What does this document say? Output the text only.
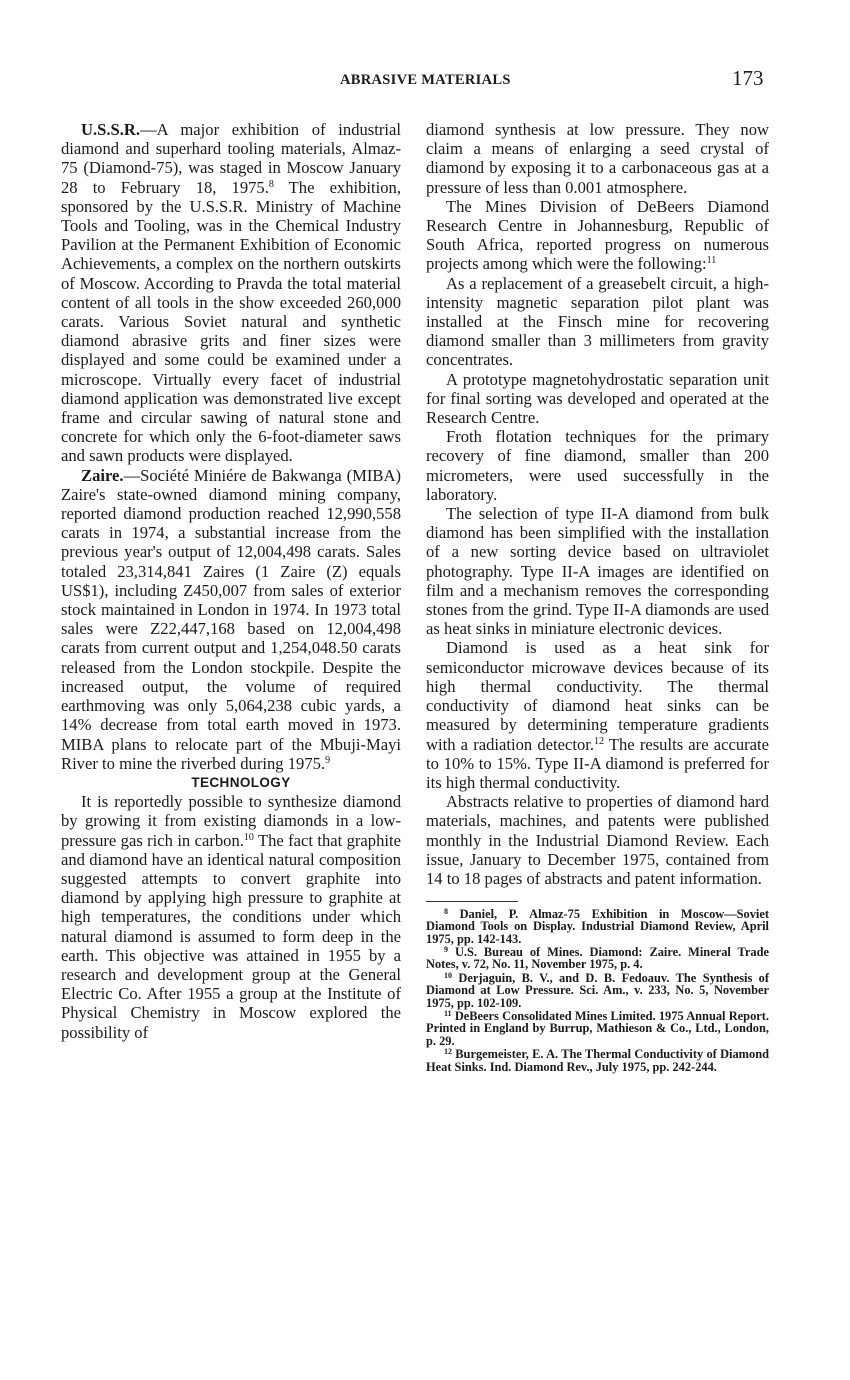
ABRASIVE MATERIALS	173

U.S.S.R.—A major exhibition of industrial diamond and superhard tooling materials, Almaz-75 (Diamond-75), was staged in Moscow January 28 to February 18, 1975.$^8$ The exhibition, sponsored by the U.S.S.R. Ministry of Machine Tools and Tooling, was in the Chemical Industry Pavilion at the Permanent Exhibition of Economic Achievements, a complex on the northern outskirts of Moscow. According to Pravda the total material content of all tools in the show exceeded 260,000 carats. Various Soviet natural and synthetic diamond abrasive grits and finer sizes were displayed and some could be examined under a microscope. Virtually every facet of industrial diamond application was demonstrated live except frame and circular sawing of natural stone and concrete for which only the 6-foot-diameter saws and sawn products were displayed.

Zaire.—Société Miniére de Bakwanga (MIBA) Zaire's state-owned diamond mining company, reported diamond production reached 12,990,558 carats in 1974, a substantial increase from the previous year's output of 12,004,498 carats. Sales totaled 23,314,841 Zaires (1 Zaire (Z) equals US$1), including Z450,007 from sales of exterior stock maintained in London in 1974. In 1973 total sales were Z22,447,168 based on 12,004,498 carats from current output and 1,254,048.50 carats released from the London stockpile. Despite the increased output, the volume of required earthmoving was only 5,064,238 cubic yards, a 14% decrease from total earth moved in 1973. MIBA plans to relocate part of the Mbuji-Mayi River to mine the riverbed during 1975.$^9$

TECHNOLOGY

It is reportedly possible to synthesize diamond by growing it from existing diamonds in a low-pressure gas rich in carbon.$^{10}$ The fact that graphite and diamond have an identical natural composition suggested attempts to convert graphite into diamond by applying high pressure to graphite at high temperatures, the conditions under which natural diamond is assumed to form deep in the earth. This objective was attained in 1955 by a research and development group at the General Electric Co. After 1955 a group at the Institute of Physical Chemistry in Moscow explored the possibility of

diamond synthesis at low pressure. They now claim a means of enlarging a seed crystal of diamond by exposing it to a carbonaceous gas at a pressure of less than 0.001 atmosphere.

The Mines Division of DeBeers Diamond Research Centre in Johannesburg, Republic of South Africa, reported progress on numerous projects among which were the following:$^{11}$

As a replacement of a greasebelt circuit, a high-intensity magnetic separation pilot plant was installed at the Finsch mine for recovering diamond smaller than 3 millimeters from gravity concentrates.

A prototype magnetohydrostatic separation unit for final sorting was developed and operated at the Research Centre.

Froth flotation techniques for the primary recovery of fine diamond, smaller than 200 micrometers, were used successfully in the laboratory.

The selection of type II-A diamond from bulk diamond has been simplified with the installation of a new sorting device based on ultraviolet photography. Type II-A images are identified on film and a mechanism removes the corresponding stones from the grind. Type II-A diamonds are used as heat sinks in miniature electronic devices.

Diamond is used as a heat sink for semiconductor microwave devices because of its high thermal conductivity. The thermal conductivity of diamond heat sinks can be measured by determining temperature gradients with a radiation detector.$^{12}$ The results are accurate to 10% to 15%. Type II-A diamond is preferred for its high thermal conductivity.

Abstracts relative to properties of diamond hard materials, machines, and patents were published monthly in the Industrial Diamond Review. Each issue, January to December 1975, contained from 14 to 18 pages of abstracts and patent information.

$^8$ Daniel, P. Almaz-75 Exhibition in Moscow—Soviet Diamond Tools on Display. Industrial Diamond Review, April 1975, pp. 142-143.

$^9$ U.S. Bureau of Mines. Diamond: Zaire. Mineral Trade Notes, v. 72, No. 11, November 1975, p. 4.

$^{10}$ Derjaguin, B. V., and D. B. Fedoauv. The Synthesis of Diamond at Low Pressure. Sci. Am., v. 233, No. 5, November 1975, pp. 102-109.

$^{11}$ DeBeers Consolidated Mines Limited. 1975 Annual Report. Printed in England by Burrup, Mathieson & Co., Ltd., London, p. 29.

$^{12}$ Burgemeister, E. A. The Thermal Conductivity of Diamond Heat Sinks. Ind. Diamond Rev., July 1975, pp. 242-244.
